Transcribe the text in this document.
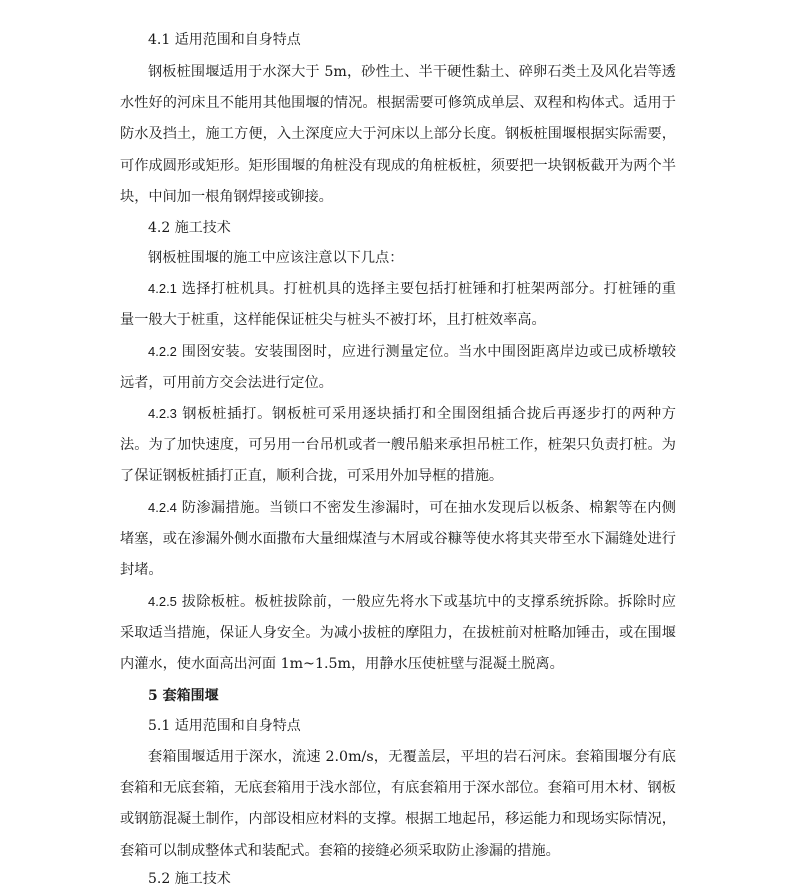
4.1 适用范围和自身特点
钢板桩围堰适用于水深大于 5m，砂性土、半干硬性黏土、碎卵石类土及风化岩等透水性好的河床且不能用其他围堰的情况。根据需要可修筑成单层、双程和构体式。适用于防水及挡土，施工方便，入土深度应大于河床以上部分长度。钢板桩围堰根据实际需要，可作成圆形或矩形。矩形围堰的角桩没有现成的角桩板桩，须要把一块钢板截开为两个半块，中间加一根角钢焊接或铆接。
4.2 施工技术
钢板桩围堰的施工中应该注意以下几点：
4.2.1 选择打桩机具。打桩机具的选择主要包括打桩锤和打桩架两部分。打桩锤的重量一般大于桩重，这样能保证桩尖与桩头不被打坏，且打桩效率高。
4.2.2 围囹安装。安装围囹时，应进行测量定位。当水中围囹距离岸边或已成桥墩较远者，可用前方交会法进行定位。
4.2.3 钢板桩插打。钢板桩可采用逐块插打和全围囹组插合拢后再逐步打的两种方法。为了加快速度，可另用一台吊机或者一艘吊船来承担吊桩工作，桩架只负责打桩。为了保证钢板桩插打正直，顺利合拢，可采用外加导框的措施。
4.2.4 防渗漏措施。当锁口不密发生渗漏时，可在抽水发现后以板条、棉絮等在内侧堵塞，或在渗漏外侧水面撒布大量细煤渣与木屑或谷糠等使水将其夹带至水下漏缝处进行封堵。
4.2.5 拔除板桩。板桩拔除前，一般应先将水下或基坑中的支撑系统拆除。拆除时应采取适当措施，保证人身安全。为减小拔桩的摩阻力，在拔桩前对桩略加锤击，或在围堰内灌水，使水面高出河面 1m~1.5m，用静水压使桩壁与混凝土脱离。
5 套箱围堰
5.1 适用范围和自身特点
套箱围堰适用于深水，流速 2.0m/s，无覆盖层，平坦的岩石河床。套箱围堰分有底套箱和无底套箱，无底套箱用于浅水部位，有底套箱用于深水部位。套箱可用木材、钢板或钢筋混凝土制作，内部设相应材料的支撑。根据工地起吊，移运能力和现场实际情况，套箱可以制成整体式和装配式。套箱的接缝必须采取防止渗漏的措施。
5.2 施工技术
